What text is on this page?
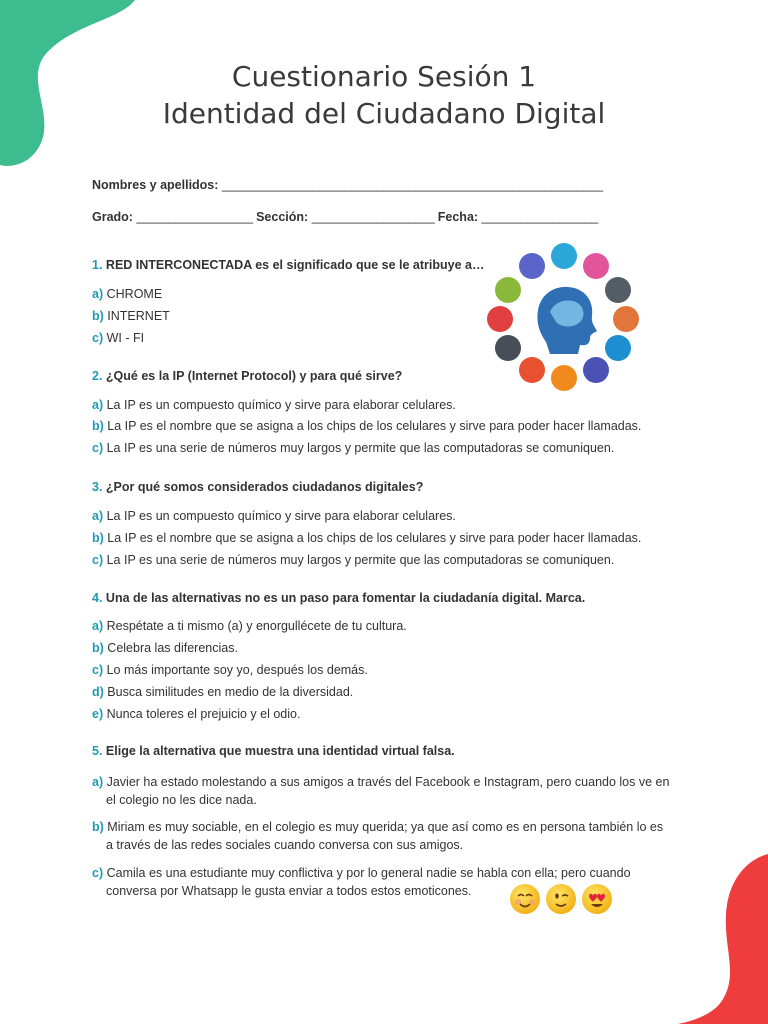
Cuestionario Sesión 1
Identidad del Ciudadano Digital
Nombres y apellidos: ___________________________________________________________
Grado: __________________ Sección: ___________________ Fecha: __________________
1. RED INTERCONECTADA es el significado que se le atribuye a…
a) CHROME
b) INTERNET
c) WI - FI
2. ¿Qué es la IP (Internet Protocol) y para qué sirve?
a) La IP es un compuesto químico y sirve para elaborar celulares.
b) La IP es el nombre que se asigna a los chips de los celulares y sirve para poder hacer llamadas.
c) La IP es una serie de números muy largos y permite que las computadoras se comuniquen.
3. ¿Por qué somos considerados ciudadanos digitales?
a) La IP es un compuesto químico y sirve para elaborar celulares.
b) La IP es el nombre que se asigna a los chips de los celulares y sirve para poder hacer llamadas.
c) La IP es una serie de números muy largos y permite que las computadoras se comuniquen.
4. Una de las alternativas no es un paso para fomentar la ciudadanía digital. Marca.
a) Respétate a ti mismo (a) y enorgullécete de tu cultura.
b) Celebra las diferencias.
c) Lo más importante soy yo, después los demás.
d) Busca similitudes en medio de la diversidad.
e) Nunca toleres el prejuicio y el odio.
5. Elige la alternativa que muestra una identidad virtual falsa.
a) Javier ha estado molestando a sus amigos a través del Facebook e Instagram, pero cuando los ve en
el colegio no les dice nada.
b) Miriam es muy sociable, en el colegio es muy querida; ya que así como es en persona también lo es
a través de las redes sociales cuando conversa con sus amigos.
c) Camila es una estudiante muy conflictiva y por lo general nadie se habla con ella; pero cuando
conversa por Whatsapp le gusta enviar a todos estos emoticones.
